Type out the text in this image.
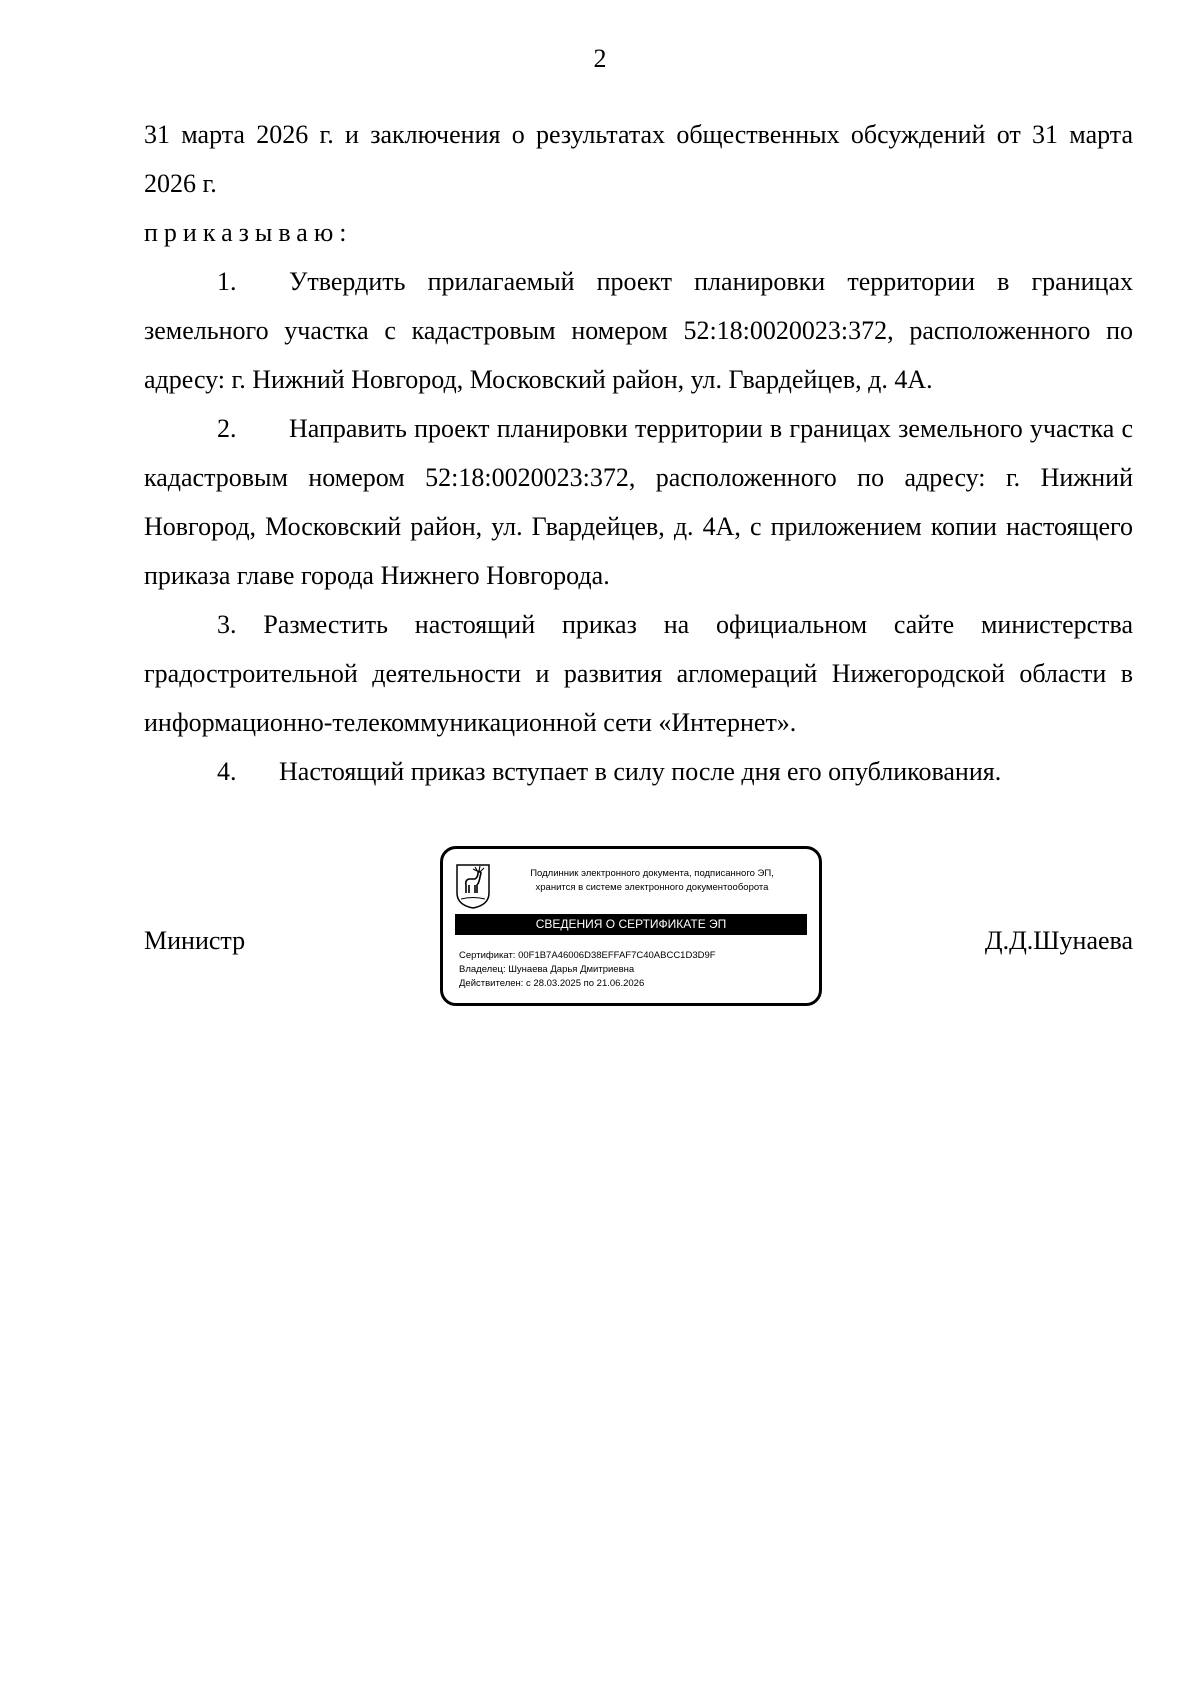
2

31 марта 2026 г. и заключения о результатах общественных обсуждений от 31 марта 2026 г.

приказываю:

1. Утвердить прилагаемый проект планировки территории в границах земельного участка с кадастровым номером 52:18:0020023:372, расположенного по адресу: г. Нижний Новгород, Московский район, ул. Гвардейцев, д. 4А.

2. Направить проект планировки территории в границах земельного участка с кадастровым номером 52:18:0020023:372, расположенного по адресу: г. Нижний Новгород, Московский район, ул. Гвардейцев, д. 4А, с приложением копии настоящего приказа главе города Нижнего Новгорода.

3. Разместить настоящий приказ на официальном сайте министерства градостроительной деятельности и развития агломераций Нижегородской области в информационно-телекоммуникационной сети «Интернет».

4. Настоящий приказ вступает в силу после дня его опубликования.

Министр
Подлинник электронного документа, подписанного ЭП,
хранится в системе электронного документооборота
СВЕДЕНИЯ О СЕРТИФИКАТЕ ЭП
Сертификат: 00F1B7A46006D38EFFAF7C40ABCC1D3D9F
Владелец: Шунаева Дарья Дмитриевна
Действителен: с 28.03.2025 по 21.06.2026
Д.Д.Шунаева
